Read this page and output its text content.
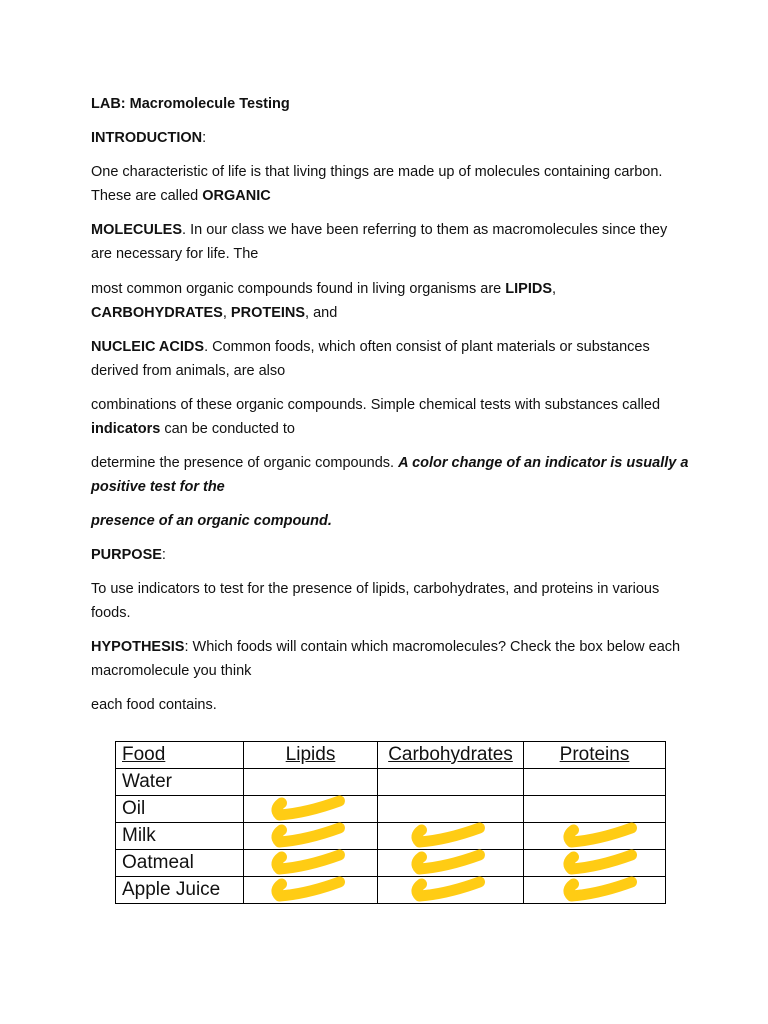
LAB: Macromolecule Testing

INTRODUCTION:

One characteristic of life is that living things are made up of molecules containing carbon. These are called ORGANIC

MOLECULES. In our class we have been referring to them as macromolecules since they are necessary for life. The

most common organic compounds found in living organisms are LIPIDS, CARBOHYDRATES, PROTEINS, and

NUCLEIC ACIDS. Common foods, which often consist of plant materials or substances derived from animals, are also

combinations of these organic compounds. Simple chemical tests with substances called indicators can be conducted to

determine the presence of organic compounds. A color change of an indicator is usually a positive test for the

presence of an organic compound.

PURPOSE:

To use indicators to test for the presence of lipids, carbohydrates, and proteins in various foods.

HYPOTHESIS: Which foods will contain which macromolecules? Check the box below each macromolecule you think

each food contains.

Food	Lipids	Carbohydrates	Proteins
Water			
Oil			
Milk			
Oatmeal			
Apple Juice			
